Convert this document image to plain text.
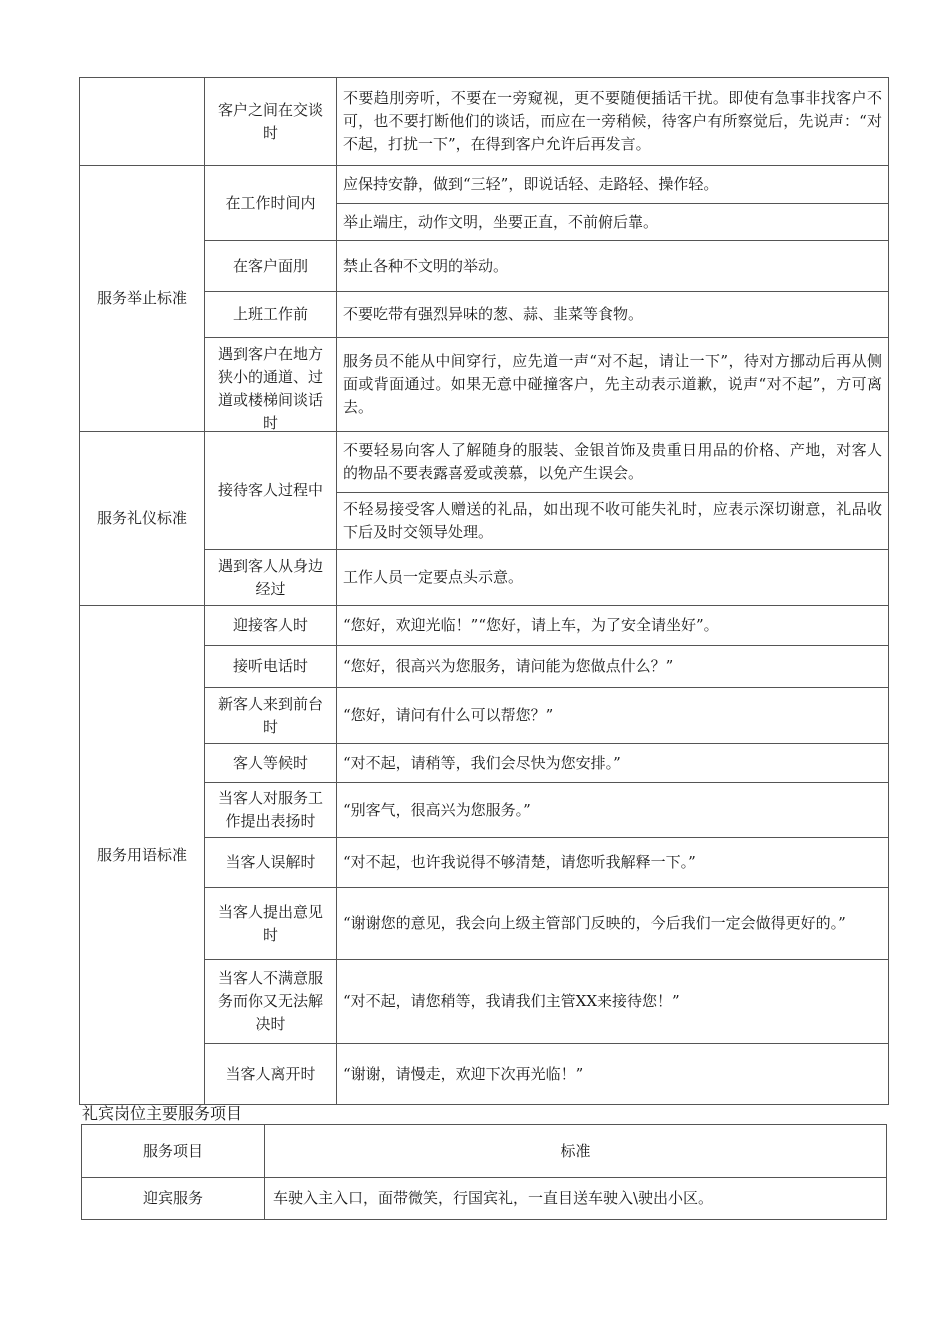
	客户之间在交谈时	不要趋刖旁听，不要在一旁窥视，更不要随便插话干扰。即使有急事非找客户不可，也不要打断他们的谈话，而应在一旁稍候，待客户有所察觉后，先说声：“对不起，打扰一下”，在得到客户允许后再发言。
服务举止标准	在工作时间内	应保持安静，做到“三轻”，即说话轻、走路轻、操作轻。
		举止端庄，动作文明，坐要正直，不前俯后靠。
	在客户面刖	禁止各种不文明的举动。
	上班工作前	不要吃带有强烈异味的葱、蒜、韭菜等食物。

	遇到客户在地方狭小的通道、过道或楼梯间谈话时	服务员不能从中间穿行，应先道一声“对不起，请让一下”，待对方挪动后再从侧面或背面通过。如果无意中碰撞客户，先主动表示道歉，说声“对不起”，方可离去。
服务礼仪标准	接待客人过程中	不要轻易向客人了解随身的服装、金银首饰及贵重日用品的价格、产地，对客人的物品不要表露喜爱或羡慕，以免产生误会。
		不轻易接受客人赠送的礼品，如出现不收可能失礼时，应表示深切谢意，礼品收下后及时交领导处理。
	遇到客人从身边经过	工作人员一定要点头示意。
服务用语标准	迎接客人时	“您好，欢迎光临！”“您好，请上车，为了安全请坐好”。
	接听电话时	“您好，很高兴为您服务，请问能为您做点什么？”
	新客人来到前台时	“您好，请问有什么可以帮您？”
	客人等候时	“对不起，请稍等，我们会尽快为您安排。”
	当客人对服务工作提出表扬时	“别客气，很高兴为您服务。”
	当客人误解时	“对不起，也许我说得不够清楚，请您听我解释一下。”
	当客人提出意见时	“谢谢您的意见，我会向上级主管部门反映的，今后我们一定会做得更好的。”
	当客人不满意服务而你又无法解决时	“对不起，请您稍等，我请我们主管XX来接待您！”
	当客人离开时	“谢谢，请慢走，欢迎下次再光临！”
礼宾岗位主要服务项目
服务项目	标准
迎宾服务	车驶入主入口，面带微笑，行国宾礼，一直目送车驶入\驶出小区。
